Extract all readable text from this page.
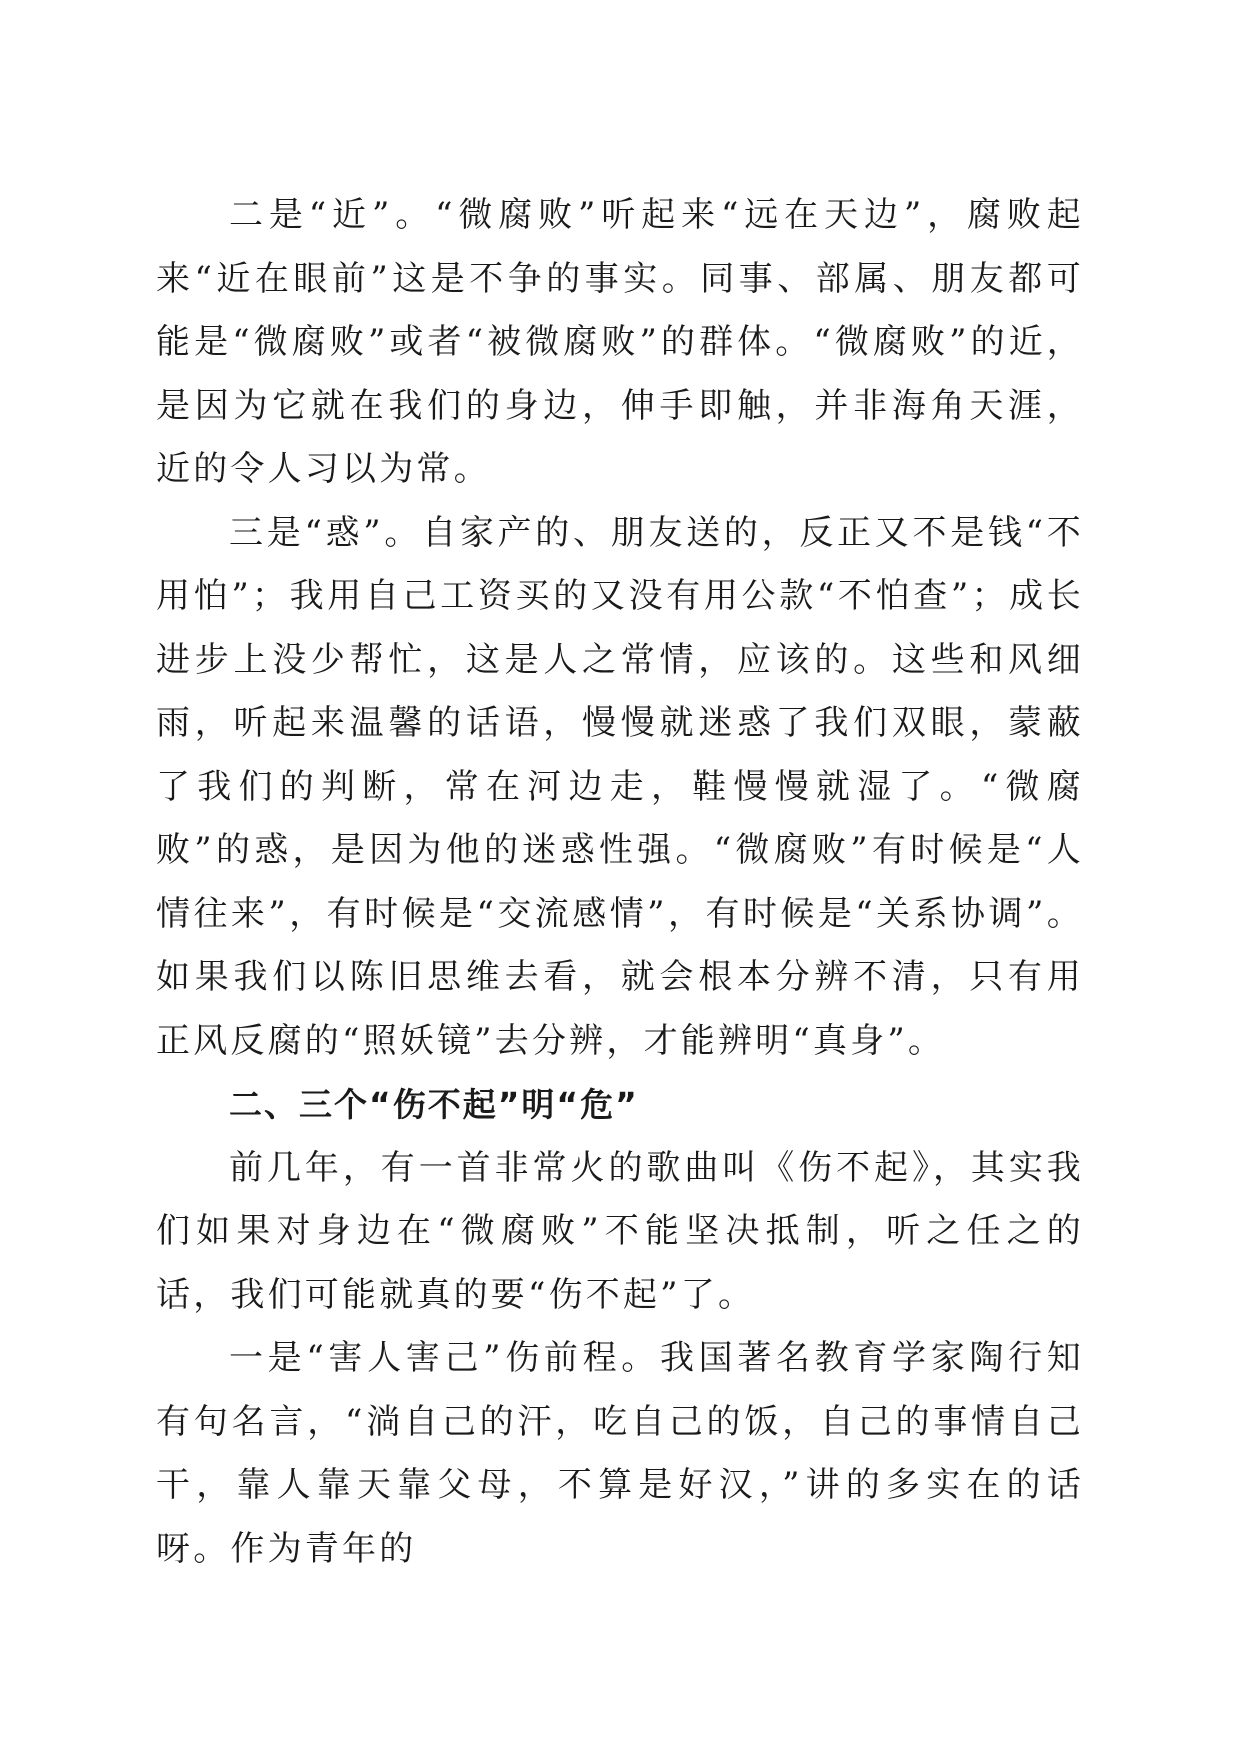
二是“近”。“微腐败”听起来“远在天边”，腐败起来“近在眼前”这是不争的事实。同事、部属、朋友都可能是“微腐败”或者“被微腐败”的群体。“微腐败”的近，是因为它就在我们的身边，伸手即触，并非海角天涯，近的令人习以为常。

三是“惑”。自家产的、朋友送的，反正又不是钱“不用怕”；我用自己工资买的又没有用公款“不怕查”；成长进步上没少帮忙，这是人之常情，应该的。这些和风细雨，听起来温馨的话语，慢慢就迷惑了我们双眼，蒙蔽了我们的判断，常在河边走，鞋慢慢就湿了。“微腐败”的惑，是因为他的迷惑性强。“微腐败”有时候是“人情往来”，有时候是“交流感情”，有时候是“关系协调”。如果我们以陈旧思维去看，就会根本分辨不清，只有用正风反腐的“照妖镜”去分辨，才能辨明“真身”。

二、三个“伤不起”明“危”

前几年，有一首非常火的歌曲叫《伤不起》，其实我们如果对身边在“微腐败”不能坚决抵制，听之任之的话，我们可能就真的要“伤不起”了。

一是“害人害己”伤前程。我国著名教育学家陶行知有句名言，“淌自己的汗，吃自己的饭，自己的事情自己干，靠人靠天靠父母，不算是好汉，”讲的多实在的话呀。作为青年的
